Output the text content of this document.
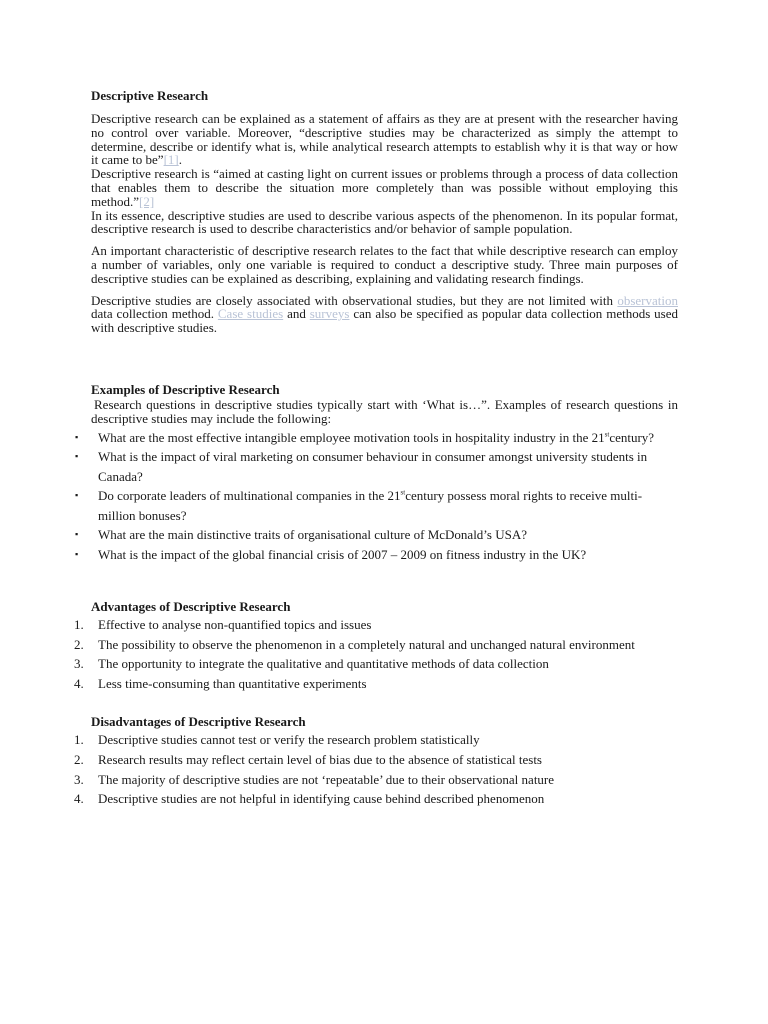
Descriptive Research

Descriptive research can be explained as a statement of affairs as they are at present with the researcher having no control over variable. Moreover, “descriptive studies may be characterized as simply the attempt to determine, describe or identify what is, while analytical research attempts to establish why it is that way or how it came to be”[1].

Descriptive research is “aimed at casting light on current issues or problems through a process of data collection that enables them to describe the situation more completely than was possible without employing this method.”[2]

In its essence, descriptive studies are used to describe various aspects of the phenomenon. In its popular format, descriptive research is used to describe characteristics and/or behavior of sample population.

An important characteristic of descriptive research relates to the fact that while descriptive research can employ a number of variables, only one variable is required to conduct a descriptive study. Three main purposes of descriptive studies can be explained as describing, explaining and validating research findings.

Descriptive studies are closely associated with observational studies, but they are not limited with observation data collection method. Case studies and surveys can also be specified as popular data collection methods used with descriptive studies.

Examples of Descriptive Research

Research questions in descriptive studies typically start with ‘What is…”. Examples of research questions in descriptive studies may include the following:

▪ What are the most effective intangible employee motivation tools in hospitality industry in the 21stcentury?
▪ What is the impact of viral marketing on consumer behaviour in consumer amongst university students in Canada?
▪ Do corporate leaders of multinational companies in the 21stcentury possess moral rights to receive multi-million bonuses?
▪ What are the main distinctive traits of organisational culture of McDonald’s USA?
▪ What is the impact of the global financial crisis of 2007 – 2009 on fitness industry in the UK?
Advantages of Descriptive Research
1. Effective to analyse non-quantified topics and issues
2. The possibility to observe the phenomenon in a completely natural and unchanged natural environment
3. The opportunity to integrate the qualitative and quantitative methods of data collection
4. Less time-consuming than quantitative experiments
Disadvantages of Descriptive Research
1. Descriptive studies cannot test or verify the research problem statistically
2. Research results may reflect certain level of bias due to the absence of statistical tests
3. The majority of descriptive studies are not ‘repeatable’ due to their observational nature
4. Descriptive studies are not helpful in identifying cause behind described phenomenon
